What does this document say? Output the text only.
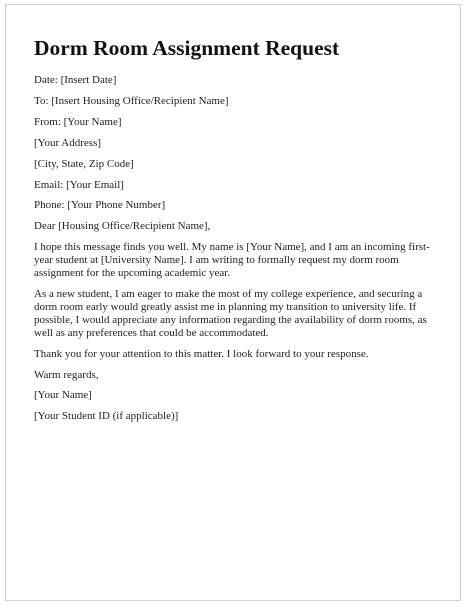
Dorm Room Assignment Request

Date: [Insert Date]

To: [Insert Housing Office/Recipient Name]

From: [Your Name]

[Your Address]

[City, State, Zip Code]

Email: [Your Email]

Phone: [Your Phone Number]

Dear [Housing Office/Recipient Name],

I hope this message finds you well. My name is [Your Name], and I am an incoming first-year student at [University Name]. I am writing to formally request my dorm room assignment for the upcoming academic year.

As a new student, I am eager to make the most of my college experience, and securing a dorm room early would greatly assist me in planning my transition to university life. If possible, I would appreciate any information regarding the availability of dorm rooms, as well as any preferences that could be accommodated.

Thank you for your attention to this matter. I look forward to your response.

Warm regards,

[Your Name]

[Your Student ID (if applicable)]
